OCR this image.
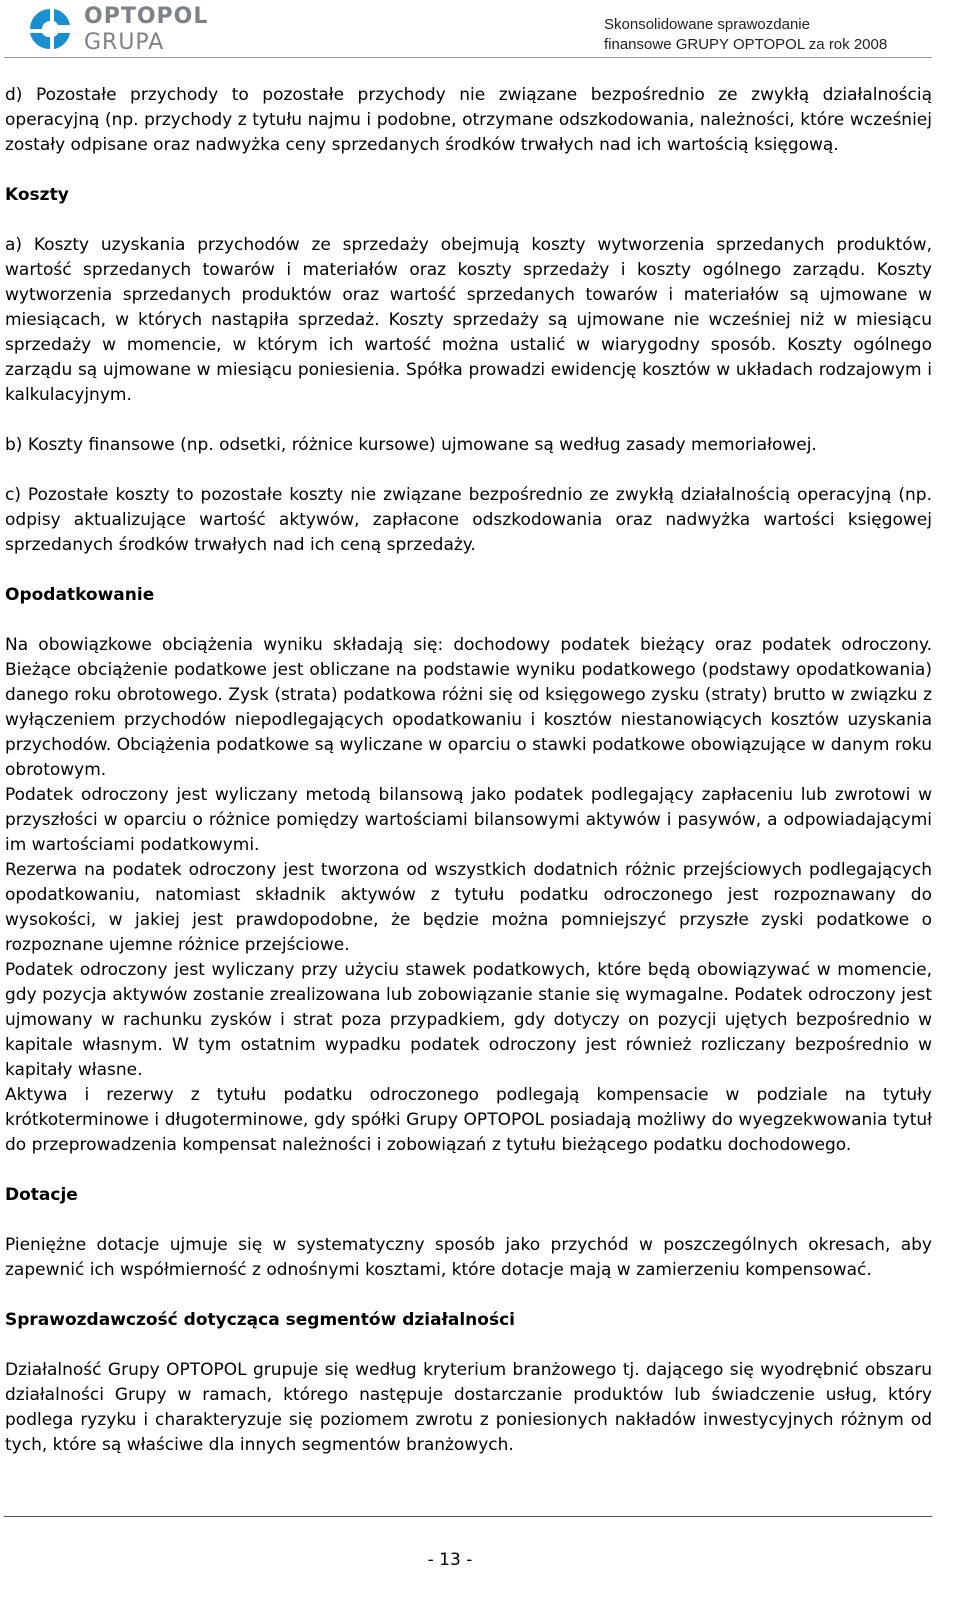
OPTOPOL
GRUPA
Skonsolidowane sprawozdanie
finansowe GRUPY OPTOPOL za rok 2008

d) Pozostałe przychody to pozostałe przychody nie związane bezpośrednio ze zwykłą działalnością operacyjną (np. przychody z tytułu najmu i podobne, otrzymane odszkodowania, należności, które wcześniej zostały odpisane oraz nadwyżka ceny sprzedanych środków trwałych nad ich wartością księgową.

Koszty

a) Koszty uzyskania przychodów ze sprzedaży obejmują koszty wytworzenia sprzedanych produktów, wartość sprzedanych towarów i materiałów oraz koszty sprzedaży i koszty ogólnego zarządu. Koszty wytworzenia sprzedanych produktów oraz wartość sprzedanych towarów i materiałów są ujmowane w miesiącach, w których nastąpiła sprzedaż. Koszty sprzedaży są ujmowane nie wcześniej niż w miesiącu sprzedaży w momencie, w którym ich wartość można ustalić w wiarygodny sposób. Koszty ogólnego zarządu są ujmowane w miesiącu poniesienia. Spółka prowadzi ewidencję kosztów w układach rodzajowym i kalkulacyjnym.

b) Koszty finansowe (np. odsetki, różnice kursowe) ujmowane są według zasady memoriałowej.

c) Pozostałe koszty to pozostałe koszty nie związane bezpośrednio ze zwykłą działalnością operacyjną (np. odpisy aktualizujące wartość aktywów, zapłacone odszkodowania oraz nadwyżka wartości księgowej sprzedanych środków trwałych nad ich ceną sprzedaży.

Opodatkowanie

Na obowiązkowe obciążenia wyniku składają się: dochodowy podatek bieżący oraz podatek odroczony. Bieżące obciążenie podatkowe jest obliczane na podstawie wyniku podatkowego (podstawy opodatkowania) danego roku obrotowego. Zysk (strata) podatkowa różni się od księgowego zysku (straty) brutto w związku z wyłączeniem przychodów niepodlegających opodatkowaniu i kosztów niestanowiących kosztów uzyskania przychodów. Obciążenia podatkowe są wyliczane w oparciu o stawki podatkowe obowiązujące w danym roku obrotowym.

Podatek odroczony jest wyliczany metodą bilansową jako podatek podlegający zapłaceniu lub zwrotowi w przyszłości w oparciu o różnice pomiędzy wartościami bilansowymi aktywów i pasywów, a odpowiadającymi im wartościami podatkowymi.

Rezerwa na podatek odroczony jest tworzona od wszystkich dodatnich różnic przejściowych podlegających opodatkowaniu, natomiast składnik aktywów z tytułu podatku odroczonego jest rozpoznawany do wysokości, w jakiej jest prawdopodobne, że będzie można pomniejszyć przyszłe zyski podatkowe o rozpoznane ujemne różnice przejściowe.

Podatek odroczony jest wyliczany przy użyciu stawek podatkowych, które będą obowiązywać w momencie, gdy pozycja aktywów zostanie zrealizowana lub zobowiązanie stanie się wymagalne. Podatek odroczony jest ujmowany w rachunku zysków i strat poza przypadkiem, gdy dotyczy on pozycji ujętych bezpośrednio w kapitale własnym. W tym ostatnim wypadku podatek odroczony jest również rozliczany bezpośrednio w kapitały własne.

Aktywa i rezerwy z tytułu podatku odroczonego podlegają kompensacie w podziale na tytuły krótkoterminowe i długoterminowe, gdy spółki Grupy OPTOPOL posiadają możliwy do wyegzekwowania tytuł do przeprowadzenia kompensat należności i zobowiązań z tytułu bieżącego podatku dochodowego.

Dotacje

Pieniężne dotacje ujmuje się w systematyczny sposób jako przychód w poszczególnych okresach, aby zapewnić ich współmierność z odnośnymi kosztami, które dotacje mają w zamierzeniu kompensować.

Sprawozdawczość dotycząca segmentów działalności

Działalność Grupy OPTOPOL grupuje się według kryterium branżowego tj. dającego się wyodrębnić obszaru działalności Grupy w ramach, którego następuje dostarczanie produktów lub świadczenie usług, który podlega ryzyku i charakteryzuje się poziomem zwrotu z poniesionych nakładów inwestycyjnych różnym od tych, które są właściwe dla innych segmentów branżowych.

- 13 -
